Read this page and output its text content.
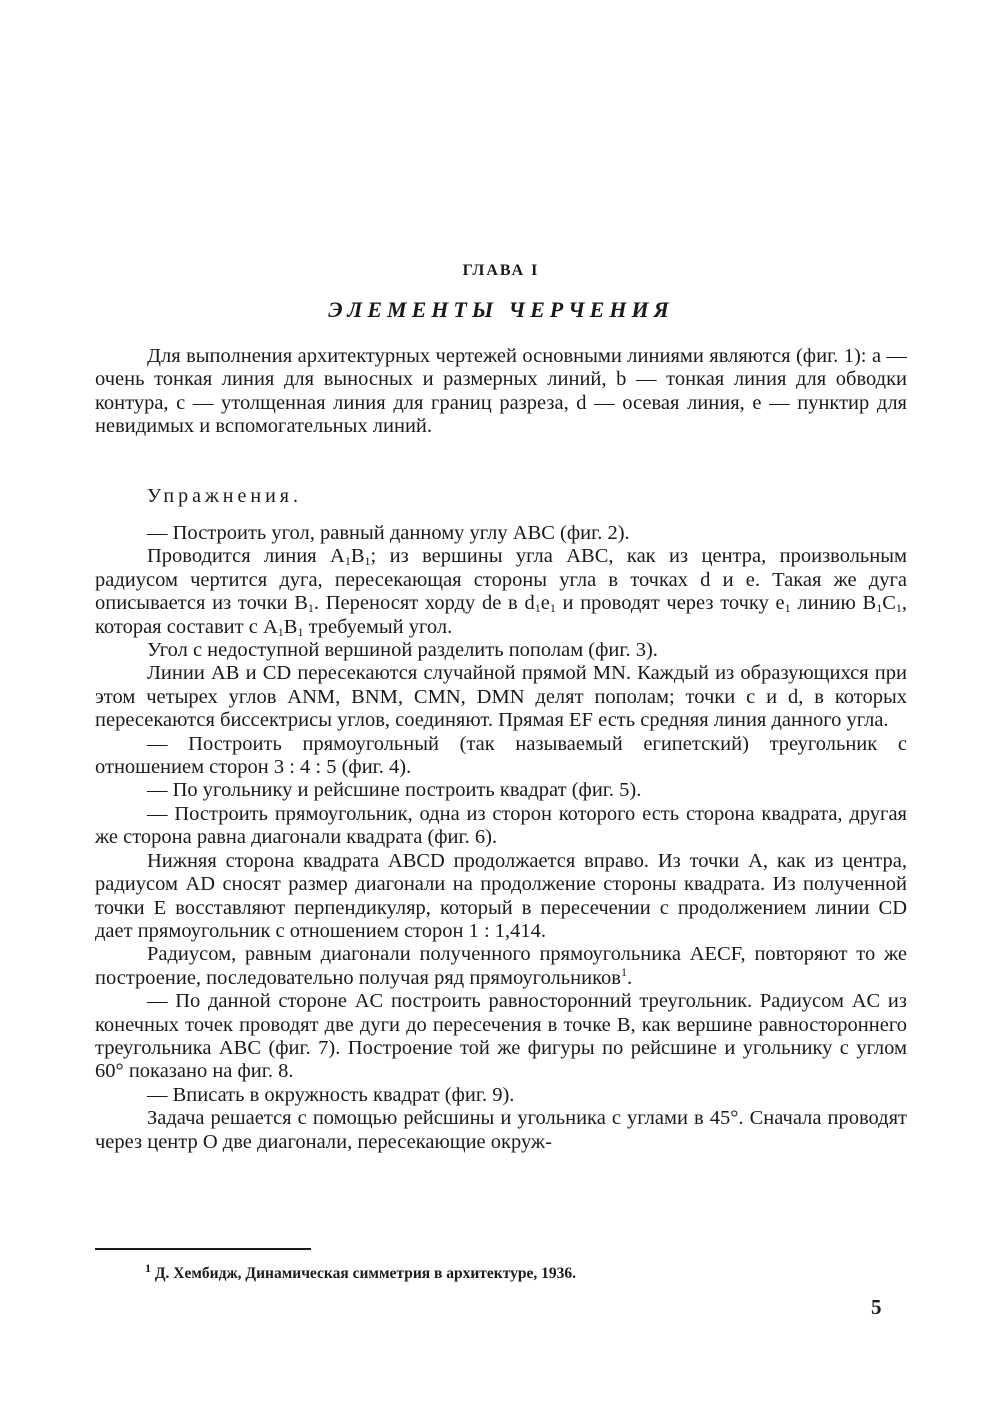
ГЛАВА I
ЭЛЕМЕНТЫ ЧЕРЧЕНИЯ

Для выполнения архитектурных чертежей основными линиями являются (фиг. 1): a — очень тонкая линия для выносных и размерных линий, b — тонкая линия для обводки контура, c — утолщенная линия для границ разреза, d — осевая линия, e — пунктир для невидимых и вспомогательных линий.

Упражнения.

— Построить угол, равный данному углу ABC (фиг. 2).

Проводится линия $A_1B_1$; из вершины угла ABC, как из центра, произвольным радиусом чертится дуга, пересекающая стороны угла в точках d и e. Такая же дуга описывается из точки $B_1$. Переносят хорду de в $d_1e_1$ и проводят через точку $e_1$ линию $B_1C_1$, которая составит с $A_1B_1$ требуемый угол.

Угол с недоступной вершиной разделить пополам (фиг. 3).

Линии AB и CD пересекаются случайной прямой MN. Каждый из образующихся при этом четырех углов ANM, BNM, CMN, DMN делят пополам; точки c и d, в которых пересекаются биссектрисы углов, соединяют. Прямая EF есть средняя линия данного угла.

— Построить прямоугольный (так называемый египетский) треугольник с отношением сторон 3 : 4 : 5 (фиг. 4).

— По угольнику и рейсшине построить квадрат (фиг. 5).

— Построить прямоугольник, одна из сторон которого есть сторона квадрата, другая же сторона равна диагонали квадрата (фиг. 6).

Нижняя сторона квадрата ABCD продолжается вправо. Из точки A, как из центра, радиусом AD сносят размер диагонали на продолжение стороны квадрата. Из полученной точки E восставляют перпендикуляр, который в пересечении с продолжением линии CD дает прямоугольник с отношением сторон 1 : 1,414.

Радиусом, равным диагонали полученного прямоугольника AECF, повторяют то же построение, последовательно получая ряд прямоугольников$^1$.

— По данной стороне AC построить равносторонний треугольник. Радиусом AC из конечных точек проводят две дуги до пересечения в точке B, как вершине равностороннего треугольника ABC (фиг. 7). Построение той же фигуры по рейсшине и угольнику с углом 60° показано на фиг. 8.

— Вписать в окружность квадрат (фиг. 9).

Задача решается с помощью рейсшины и угольника с углами в 45°. Сначала проводят через центр O две диагонали, пересекающие окруж-

$^1$ Д. Хембидж, Динамическая симметрия в архитектуре, 1936.
5
